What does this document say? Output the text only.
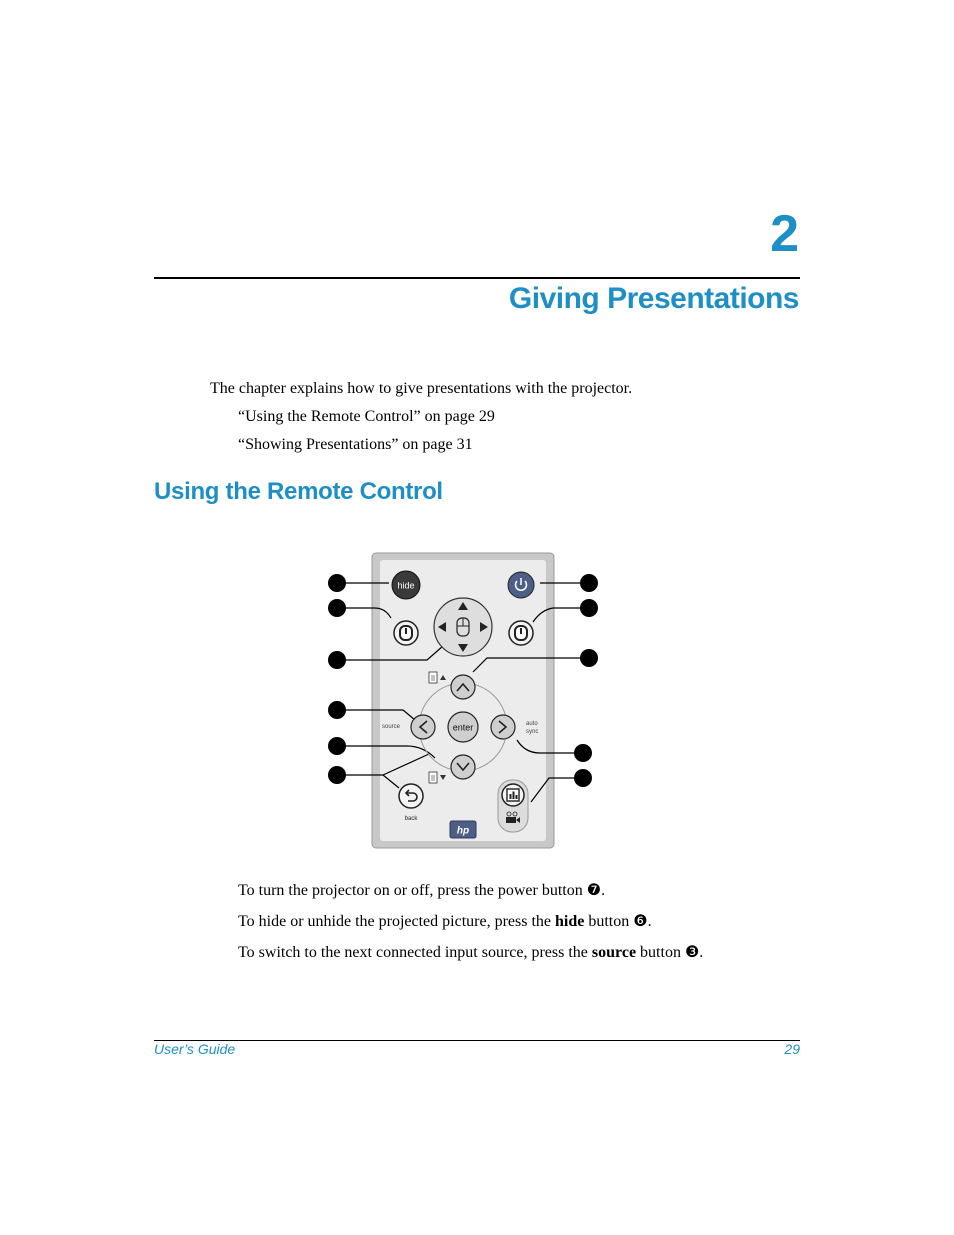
2
Giving Presentations
The chapter explains how to give presentations with the projector.
“Using the Remote Control” on page 29
“Showing Presentations” on page 31
Using the Remote Control
hide
source	auto
sync
enter
back
hp
To turn the projector on or off, press the power button ❼.
To hide or unhide the projected picture, press the hide button ❻.
To switch to the next connected input source, press the source button ❸.
User’s Guide	29
